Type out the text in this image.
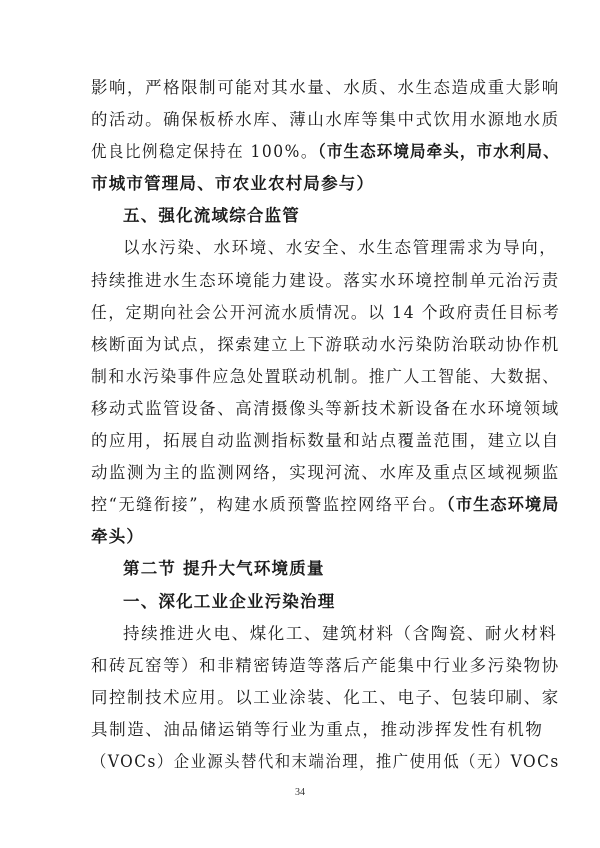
影响，严格限制可能对其水量、水质、水生态造成重大影响
的活动。确保板桥水库、薄山水库等集中式饮用水源地水质
优良比例稳定保持在 100%。（市生态环境局牵头，市水利局、
市城市管理局、市农业农村局参与）
五、强化流域综合监管
以水污染、水环境、水安全、水生态管理需求为导向，
持续推进水生态环境能力建设。落实水环境控制单元治污责
任，定期向社会公开河流水质情况。以 14 个政府责任目标考
核断面为试点，探索建立上下游联动水污染防治联动协作机
制和水污染事件应急处置联动机制。推广人工智能、大数据、
移动式监管设备、高清摄像头等新技术新设备在水环境领域
的应用，拓展自动监测指标数量和站点覆盖范围，建立以自
动监测为主的监测网络，实现河流、水库及重点区域视频监
控“无缝衔接”，构建水质预警监控网络平台。（市生态环境局
牵头）
第二节 提升大气环境质量
一、深化工业企业污染治理
持续推进火电、煤化工、建筑材料（含陶瓷、耐火材料
和砖瓦窑等）和非精密铸造等落后产能集中行业多污染物协
同控制技术应用。以工业涂装、化工、电子、包装印刷、家
具制造、油品储运销等行业为重点，推动涉挥发性有机物
34
（VOCs）企业源头替代和末端治理，推广使用低（无）VOCs
